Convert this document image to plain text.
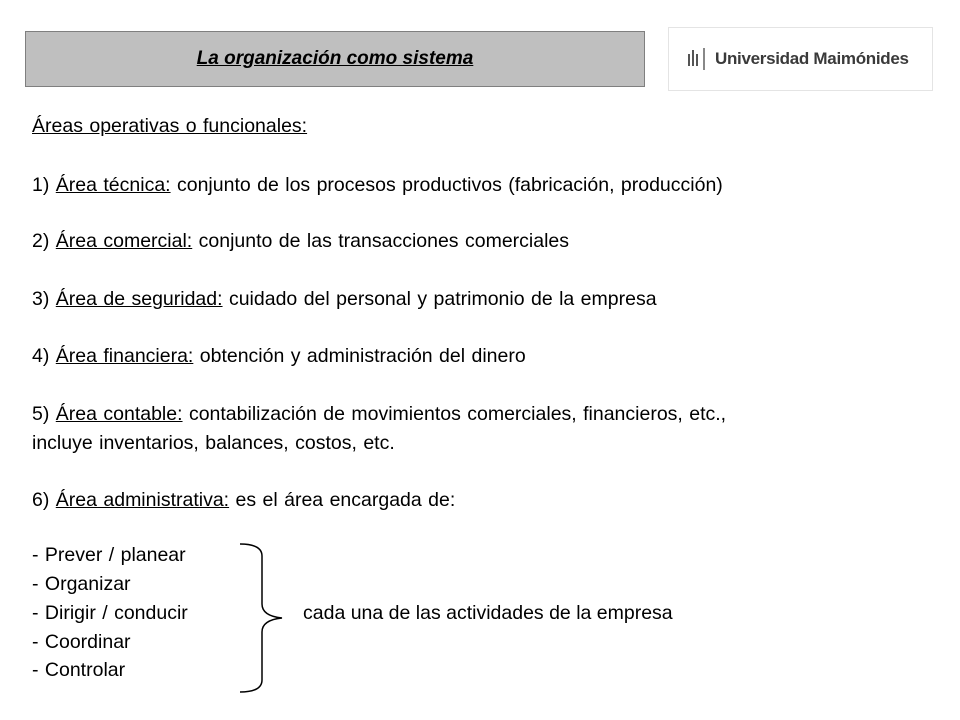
La organización como sistema	Universidad Maimónides
Áreas operativas o funcionales:
1) Área técnica: conjunto de los procesos productivos (fabricación, producción)
2) Área comercial: conjunto de las transacciones comerciales
3) Área de seguridad: cuidado del personal y patrimonio de la empresa
4) Área financiera: obtención y administración del dinero
5) Área contable: contabilización de movimientos comerciales, financieros, etc.,
incluye inventarios, balances, costos, etc.
6) Área administrativa: es el área encargada de:
- Prever / planear
- Organizar
- Dirigir / conducir
- Coordinar
- Controlar
cada una de las actividades de la empresa
